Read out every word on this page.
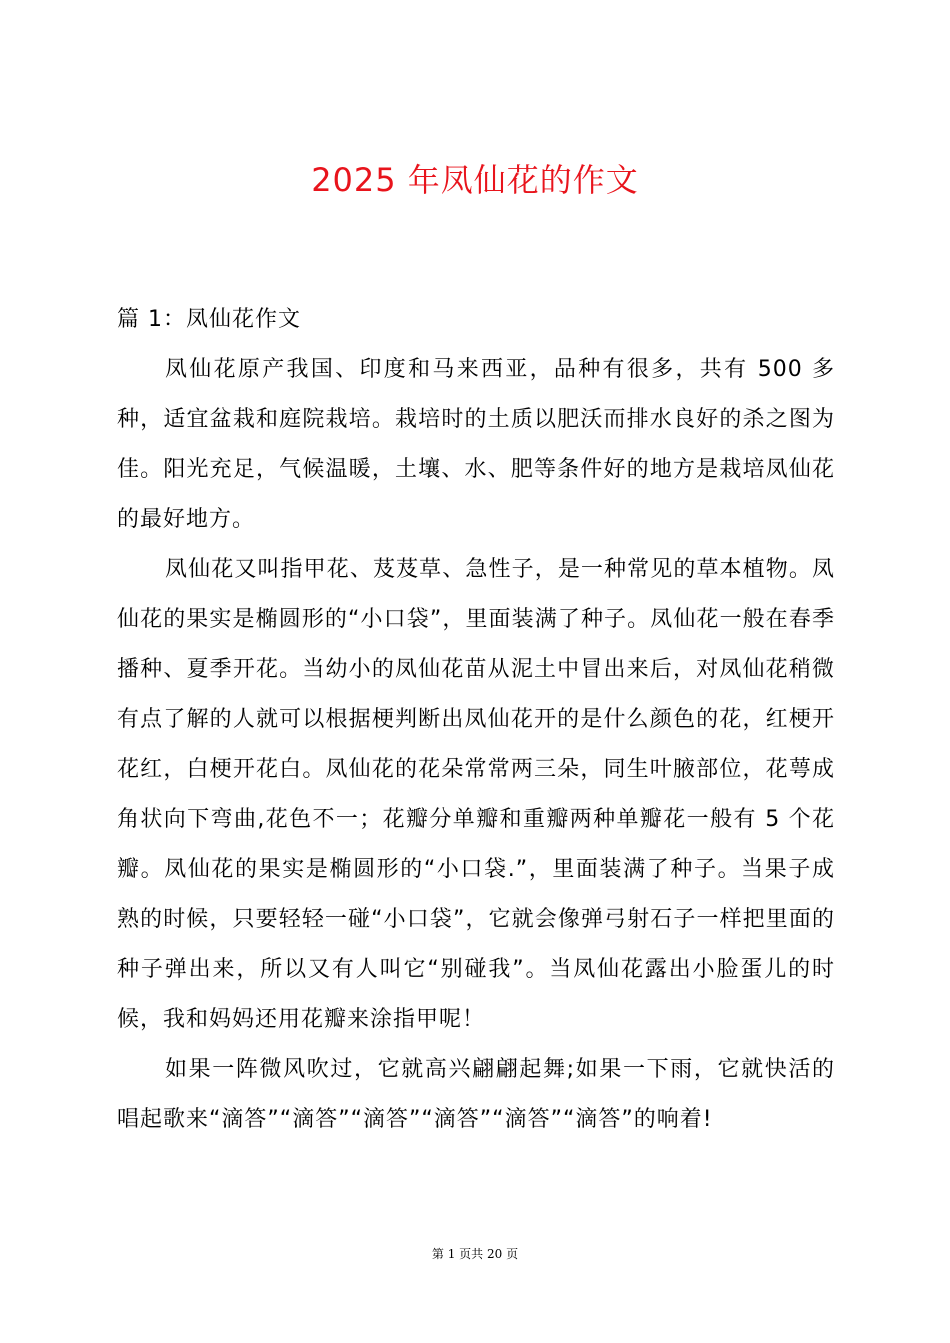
2025 年凤仙花的作文
篇 1：凤仙花作文

凤仙花原产我国、印度和马来西亚，品种有很多，共有 500 多种，适宜盆栽和庭院栽培。栽培时的土质以肥沃而排水良好的杀之图为佳。阳光充足，气候温暖，土壤、水、肥等条件好的地方是栽培凤仙花的最好地方。

凤仙花又叫指甲花、芨芨草、急性子，是一种常见的草本植物。凤仙花的果实是椭圆形的“小口袋”，里面装满了种子。凤仙花一般在春季播种、夏季开花。当幼小的凤仙花苗从泥土中冒出来后，对凤仙花稍微有点了解的人就可以根据梗判断出凤仙花开的是什么颜色的花，红梗开花红，白梗开花白。凤仙花的花朵常常两三朵，同生叶腋部位，花萼成角状向下弯曲,花色不一；花瓣分单瓣和重瓣两种单瓣花一般有 5 个花瓣。凤仙花的果实是椭圆形的“小口袋.”，里面装满了种子。当果子成熟的时候，只要轻轻一碰“小口袋”，它就会像弹弓射石子一样把里面的种子弹出来，所以又有人叫它“别碰我”。当凤仙花露出小脸蛋儿的时候，我和妈妈还用花瓣来涂指甲呢！

如果一阵微风吹过，它就高兴翩翩起舞;如果一下雨，它就快活的唱起歌来“滴答”“滴答”“滴答”“滴答”“滴答”“滴答”的响着!

第 1 页共 20 页
